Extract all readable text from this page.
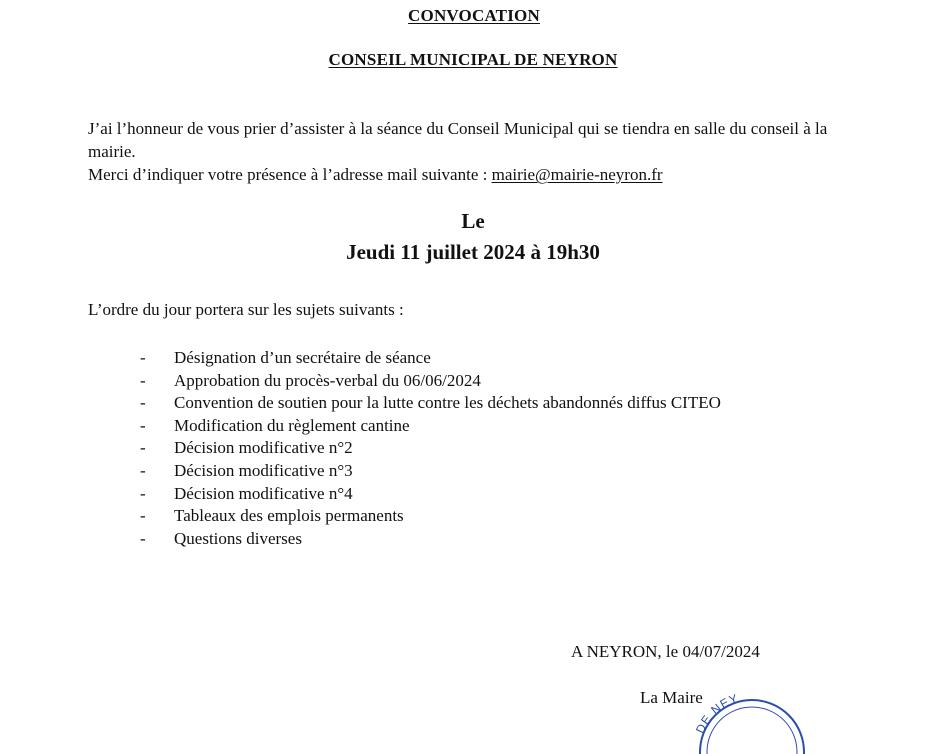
CONVOCATION
CONSEIL MUNICIPAL DE NEYRON
J’ai l’honneur de vous prier d’assister à la séance du Conseil Municipal qui se tiendra en salle du conseil à la mairie.
Merci d’indiquer votre présence à l’adresse mail suivante : mairie@mairie-neyron.fr
Le
Jeudi 11 juillet 2024 à 19h30
L’ordre du jour portera sur les sujets suivants :
- Désignation d’un secrétaire de séance
- Approbation du procès-verbal du 06/06/2024
- Convention de soutien pour la lutte contre les déchets abandonnés diffus CITEO
- Modification du règlement cantine
- Décision modificative n°2
- Décision modificative n°3
- Décision modificative n°4
- Tableaux des emplois permanents
- Questions diverses
A NEYRON, le 04/07/2024
La Maire
DE NEY
